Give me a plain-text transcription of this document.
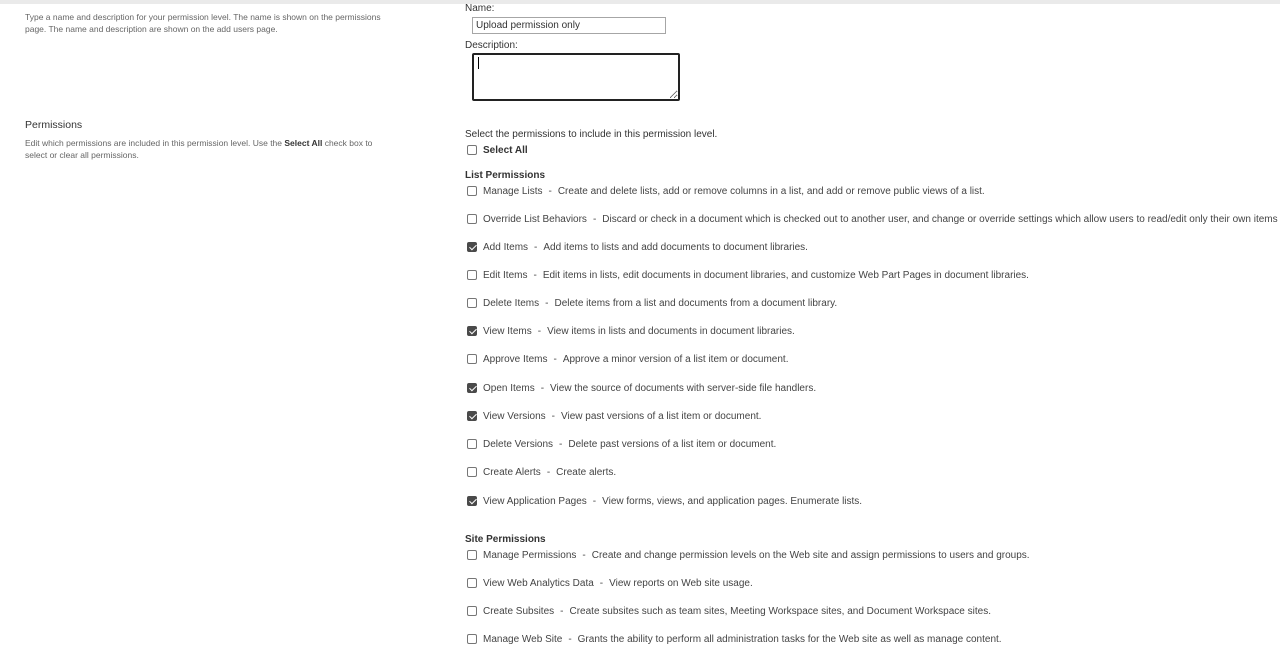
Type a name and description for your permission level. The name is shown on the permissions page. The name and description are shown on the add users page.
Name:
Upload permission only
Description:
Permissions
Edit which permissions are included in this permission level. Use the Select All check box to select or clear all permissions.
Select the permissions to include in this permission level.
Select All
List Permissions
Manage Lists - Create and delete lists, add or remove columns in a list, and add or remove public views of a list.
Override List Behaviors - Discard or check in a document which is checked out to another user, and change or override settings which allow users to read/edit only their own items
Add Items - Add items to lists and add documents to document libraries.
Edit Items - Edit items in lists, edit documents in document libraries, and customize Web Part Pages in document libraries.
Delete Items - Delete items from a list and documents from a document library.
View Items - View items in lists and documents in document libraries.
Approve Items - Approve a minor version of a list item or document.
Open Items - View the source of documents with server-side file handlers.
View Versions - View past versions of a list item or document.
Delete Versions - Delete past versions of a list item or document.
Create Alerts - Create alerts.
View Application Pages - View forms, views, and application pages. Enumerate lists.
Site Permissions
Manage Permissions - Create and change permission levels on the Web site and assign permissions to users and groups.
View Web Analytics Data - View reports on Web site usage.
Create Subsites - Create subsites such as team sites, Meeting Workspace sites, and Document Workspace sites.
Manage Web Site - Grants the ability to perform all administration tasks for the Web site as well as manage content.
